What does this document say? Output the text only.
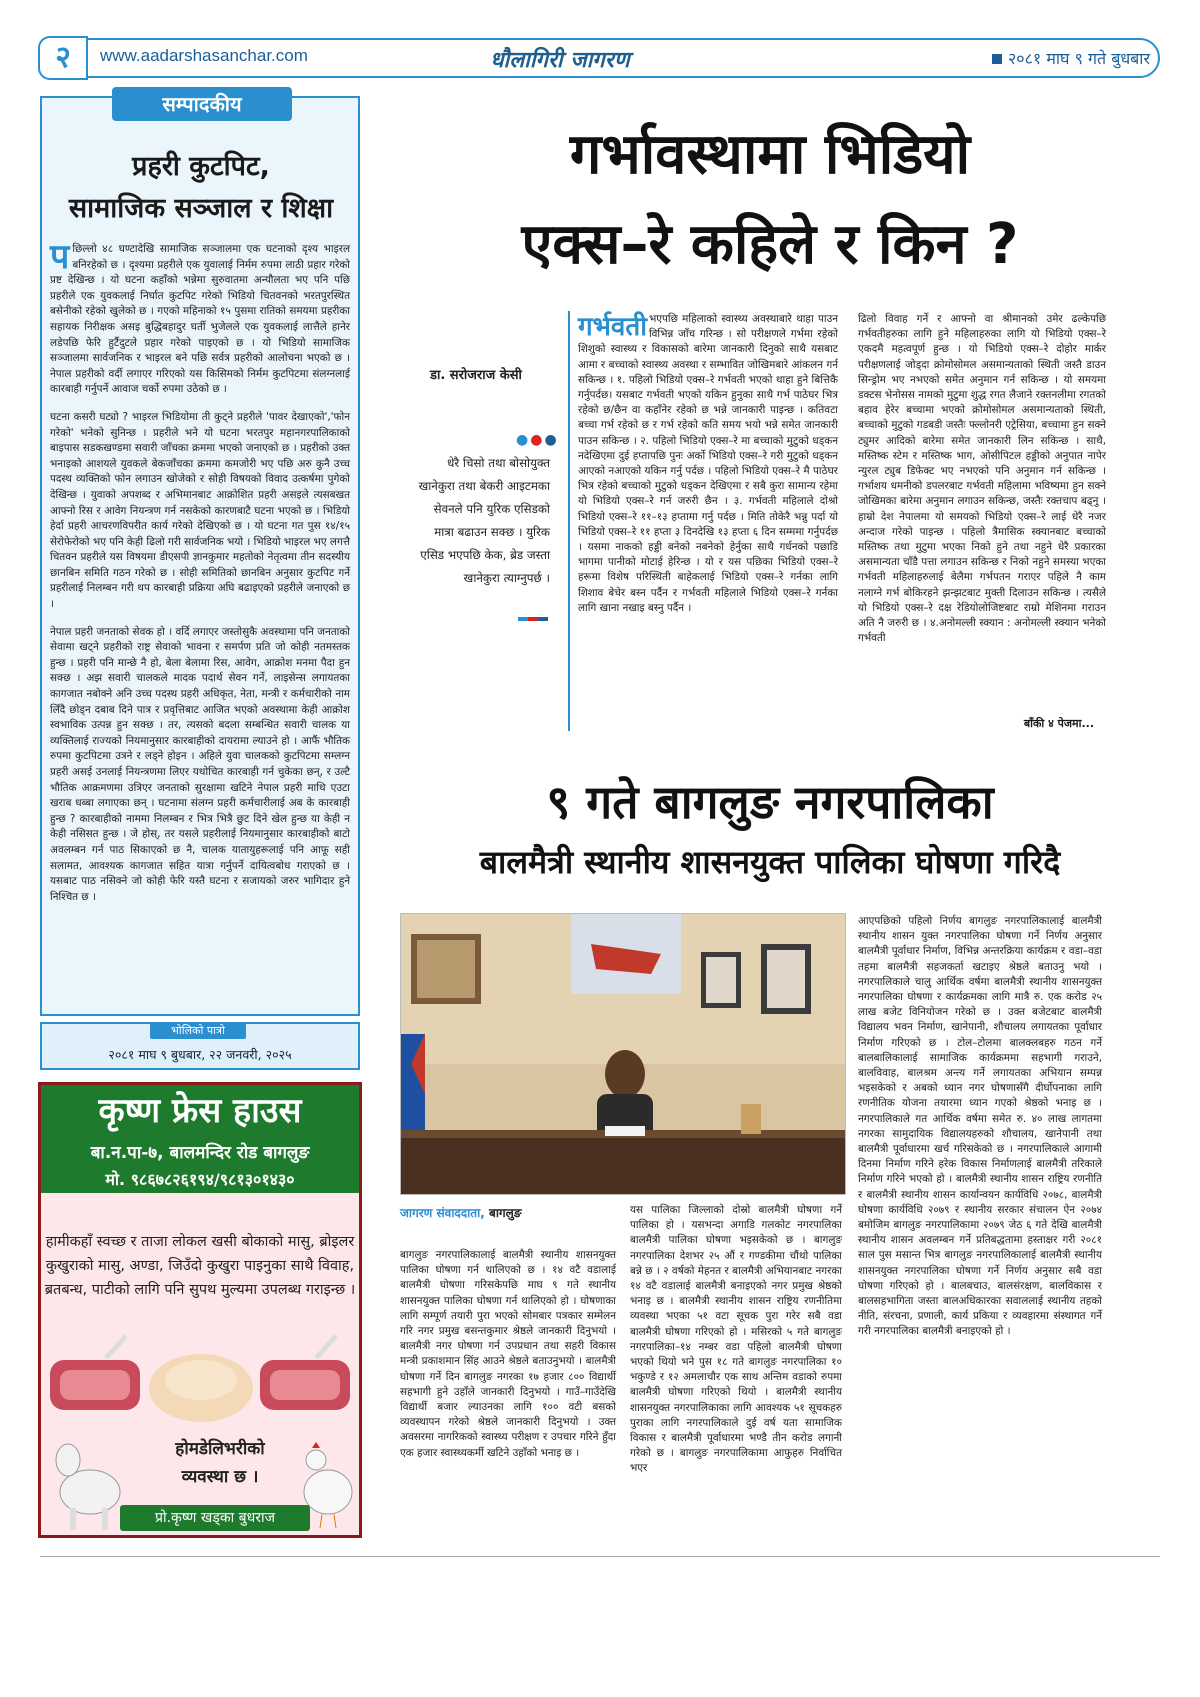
२	www.aadarshasanchar.com	धौलागिरी जागरण	२०८१ माघ ९ गते बुधबार
सम्पादकीय
प्रहरी कुटपिट,
सामाजिक सञ्जाल र शिक्षा

पछिल्लो ४८ घण्टादेखि सामाजिक सञ्जालमा एक घटनाको दृश्य भाइरल बनिरहेको छ । दृश्यमा प्रहरीले एक युवालाई निर्मम रुपमा लाठी प्रहार गरेको प्रष्ट देखिन्छ । यो घटना कहाँको भन्नेमा सुरुवातमा अन्यौलता भए पनि पछि प्रहरीले एक युवकलाई निर्घात कुटपिट गरेको भिडियो चितवनको भरतपुरस्थित बसेनीको रहेको खुलेको छ । गएको महिनाको १५ पुसमा रातिको समयमा प्रहरीका सहायक निरीक्षक असइ बुद्धिबहादुर घर्ती भुजेलले एक युवकलाई लात्तैले हानेर लडेपछि फेरि हुर्टैदुटले प्रहार गरेको पाइएको छ । यो भिडियो सामाजिक सञ्जालमा सार्वजनिक र भाइरल बने पछि सर्वत्र प्रहरीको आलोचना भएको छ । नेपाल प्रहरीको वर्दी लगाएर गरिएको यस किसिमको निर्मम कुटपिटमा संलग्नलाई कारबाही गर्नुपर्ने आवाज चर्को रुपमा उठेको छ ।

घटना कसरी घट्यो ? भाइरल भिडियोमा ती कुट्ने प्रहरीले 'पावर देखाएको','फोन गरेको' भनेको सुनिन्छ । प्रहरीले भने यो घटना भरतपुर महानगरपालिकाको बाइपास सडकखण्डमा सवारी जाँचका क्रममा भएको जनाएको छ । प्रहरीको उक्त भनाइको आशयले युवकले बेकजाँचका क्रममा कमजोरी भए पछि अरु कुनै उच्च पदस्थ व्यक्तिको फोन लगाउन खोजेको र सोही विषयको विवाद उत्कर्षमा पुगेको देखिन्छ । युवाको अपशब्द र अभिमानबाट आक्रोशित प्रहरी असइले त्यसबखत आफ्नो रिस र आवेग नियन्त्रण गर्न नसकेको कारणबाटै घटना भएको छ । भिडियो हेर्दा प्रहरी आचरणविपरीत कार्य गरेको देखिएको छ । यो घटना गत पुस १४/१५ सेरोफेरोको भए पनि केही ढिलो गरी सार्वजनिक भयो । भिडियो भाइरल भए लगत्तै चितवन प्रहरीले यस विषयमा डीएसपी ज्ञानकुमार महतोको नेतृत्वमा तीन सदस्यीय छानबिन समिति गठन गरेको छ । सोही समितिको छानबिन अनुसार कुटपिट गर्ने प्रहरीलाई निलम्बन गरी थप कारबाही प्रक्रिया अघि बढाइएको प्रहरीले जनाएको छ ।

नेपाल प्रहरी जनताको सेवक हो । वर्दि लगाएर जस्तोसुकै अवस्थामा पनि जनताको सेवामा खट्ने प्रहरीको राष्ट्र सेवाको भावना र समर्पण प्रति जो कोही नतमस्तक हुन्छ । प्रहरी पनि मान्छे नै हो, बेला बेलामा रिस, आवेग, आक्रोश मनमा पैदा हुन सक्छ । अझ सवारी चालकले मादक पदार्थ सेवन गर्ने, लाइसेन्स लगायतका कागजात नबोक्ने अनि उच्च पदस्थ प्रहरी अधिकृत, नेता, मन्त्री र कर्मचारीको नाम लिँदै छोड्न दबाब दिने पात्र र प्रवृत्तिबाट आजित भएको अवस्थामा केही आक्रोश स्वभाविक उत्पन्न हुन सक्छ । तर, त्यसको बदला सम्बन्धित सवारी चालक या व्यक्तिलाई राज्यको नियमानुसार कारबाहीको दायरामा ल्याउने हो । आफैं भौतिक रुपमा कुटपिटमा उत्रने र लड्ने होइन । अहिले युवा चालकको कुटपिटमा सम्लग्न प्रहरी असई उनलाई नियन्त्रणमा लिएर यथोचित कारबाही गर्न चुकेका छन्, र उल्टै भौतिक आक्रमणमा उत्रिएर जनताको सुरक्षामा खटिने नेपाल प्रहरी माथि एउटा खराब धब्बा लगाएका छन् । घटनामा संलग्न प्रहरी कर्मचारीलाई अब के कारबाही हुन्छ ? कारबाहीको नाममा निलम्बन र भित्र भित्रै छुट दिने खेल हुन्छ या केही न केही नसिसत हुन्छ । जे होस्, तर यसले प्रहरीलाई नियमानुसार कारबाहीको बाटो अवलम्बन गर्न पाठ सिकाएको छ नै, चालक यातायुहरूलाई पनि आफू सही सलामत, आवश्यक कागजात सहित यात्रा गर्नुपर्ने दायित्वबोध गराएको छ । यसबाट पाठ नसिक्ने जो कोही फेरि यस्तै घटना र सजायको जरुर भागिदार हुने निश्चित छ ।

भोलिको पात्रो
२०८१ माघ ९ बुधबार, २२ जनवरी, २०२५
कृष्ण फ्रेस हाउस
बा.न.पा-७, बालमन्दिर रोड बागलुङ
मो. ९८६७८२६१९४/९८१३०१४३०
हामीकहाँ स्वच्छ र ताजा लोकल खसी बोकाको मासु, ब्रोइलर कुखुराको मासु, अण्डा, जिउँदो कुखुरा पाइनुका साथै विवाह, ब्रतबन्ध, पाटीको लागि पनि सुपथ मुल्यमा उपलब्ध गराइन्छ ।
होमडेलिभरीको
व्यवस्था छ ।
प्रो.कृष्ण खड्का बुधराज
गर्भावस्थामा भिडियो
एक्स–रे कहिले र किन ?
डा. सरोजराज केसी
●●●
धेरै चिसो तथा बोसोयुक्त खानेकुरा तथा बेकरी आइटमका सेवनले पनि युरिक एसिडको मात्रा बढाउन सक्छ । युरिक एसिड भएपछि केक, ब्रेड जस्ता खानेकुरा त्याग्नुपर्छ ।
गर्भवती भएपछि महिलाको स्वास्थ्य अवस्थाबारे थाहा पाउन विभिन्न जाँच गरिन्छ । सो परीक्षणले गर्भमा रहेको शिशुको स्वास्थ्य र विकासको बारेमा जानकारी दिनुको साथै यसबाट आमा र बच्चाको स्वास्थ्य अवस्था र सम्भावित जोखिमबारे आंकलन गर्न सकिन्छ । १. पहिलो भिडियो एक्स–रे गर्भवती भएको थाहा हुने बित्तिकै गर्नुपर्दछ। यसबाट गर्भवती भएको यकिन हुनुका साथै गर्भ पाठेघर भित्र रहेको छ/छैन वा कहाँनेर रहेको छ भन्ने जानकारी पाइन्छ । कतिवटा बच्चा गर्भ रहेको छ र गर्भ रहेको कति समय भयो भन्ने समेत जानकारी पाउन सकिन्छ । २. पहिलो भिडियो एक्स–रे मा बच्चाको मुटुको धड्कन नदेखिएमा दुई हप्तापछि पुनः अर्को भिडियो एक्स–रे गरी मुटुको धड्कन आएको नआएको यकिन गर्नु पर्दछ । पहिलो भिडियो एक्स–रे मै पाठेघर भित्र रहेको बच्चाको मुटुको धड्कन देखिएमा र सबै कुरा सामान्य रहेमा यो भिडियो एक्स–रे गर्न जरुरी छैन । ३. गर्भवती महिलाले दोश्रो भिडियो एक्स–रे ११–१३ हप्तामा गर्नु पर्दछ । मिति तोकेरै भन्नु पर्दा यो भिडियो एक्स–रे ११ हप्ता ३ दिनदेखि १३ हप्ता ६ दिन सम्ममा गर्नुपर्दछ । यसमा नाकको हड्डी बनेको नबनेको हेर्नुका साथै गर्धनको पछाडि भागमा पानीको मोटाई हेरिन्छ । यो र यस पछिका भिडियो एक्स–रे हरूमा विशेष परिस्थिती बाहेकलाई भिडियो एक्स–रे गर्नका लागि शिशाव बेचेर बस्न पर्दैन र गर्भवती महिलाले भिडियो एक्स–रे गर्नका लागि खाना नखाइ बस्नु पर्दैन ।
ढिलो विवाह गर्ने र आफ्नो वा श्रीमानको उमेर ढल्केपछि गर्भवतीहरुका लागि हुने महिलाहरुका लागि यो भिडियो एक्स–रे एकदमै महत्वपूर्ण हुन्छ । यो भिडियो एक्स–रे दोहोर मार्कर परीक्षणलाई जोड्दा क्रोमोसोमल असमान्यताको स्थिती जस्तै डाउन सिन्ड्रोम भए नभएको समेत अनुमान गर्न सकिन्छ । यो समयमा डक्टस भेनोसस नामको मुटुमा शुद्ध रगत लैजाने रक्तनलीमा रगतको बहाव हेरेर बच्चामा भएको क्रोमोसोमल असमान्यताको स्थिती, बच्चाको मुटुको गडबडी जस्तैः फ्ल्लोनरी एट्रेसिया, बच्चामा हुन सक्ने ट्युमर आदिको बारेमा समेत जानकारी लिन सकिन्छ । साथै, मस्तिष्क स्टेम र मस्तिष्क भाग, ओसीपिटल हड्डीको अनुपात नापेर न्युरल ट्युब डिफेक्ट भए नभएको पनि अनुमान गर्न सकिन्छ । गर्भाशय धमनीको डपलरबाट गर्भवती महिलामा भविष्यमा हुन सक्ने जोखिमका बारेमा अनुमान लगाउन सकिन्छ, जस्तैः रक्तचाप बढ्नु । हाम्रो देश नेपालमा यो समयको भिडियो एक्स–रे लाई धेरै नजर अन्दाज गरेको पाइन्छ । पहिलो त्रैमासिक स्क्यानबाट बच्चाको मस्तिष्क तथा मुटुमा भएका निको हुने तथा नहुने धेरै प्रकारका असमान्यता चाँडै पत्ता लगाउन सकिन्छ र निको नहुने समस्या भएका गर्भवती महिलाहरुलाई बेलैमा गर्भपतन गराएर पहिले नै काम नलाग्ने गर्भ बोकिरहने झन्झटबाट मुक्ती दिलाउन सकिन्छ । त्यसैले यो भिडियो एक्स–रे दक्ष रेडियोलोजिष्टबाट राम्रो मेशिनमा गराउन अति नै जरुरी छ । ४.अनोमल्ली स्क्यान : अनोमल्ली स्क्यान भनेको गर्भवती
बाँकी ४ पेजमा...
९ गते बागलुङ नगरपालिका
बालमैत्री स्थानीय शासनयुक्त पालिका घोषणा गरिदै
जागरण संवाददाता, बागलुङ
बागलुङ नगरपालिकालाई बालमैत्री स्थानीय शासनयुक्त पालिका घोषणा गर्न थालिएको छ । १४ वटै वडालाई बालमैत्री घोषणा गरिसकेपछि माघ ९ गते स्थानीय शासनयुक्त पालिका घोषणा गर्न थालिएको हो । घोषणाका लागि सम्पूर्ण तयारी पुरा भएको सोमबार पत्रकार सम्मेलन गरि नगर प्रमुख बसन्तकुमार श्रेष्ठले जानकारी दिनुभयो । बालमैत्री नगर घोषणा गर्न उपप्रधान तथा सहरी विकास मन्त्री प्रकाशमान सिंह आउने श्रेष्ठले बताउनुभयो । बालमैत्री घोषणा गर्ने दिन बागलुङ नगरका १७ हजार ८०० विद्यार्थी सहभागी हुने उहाँले जानकारी दिनुभयो । गाउँ–गाउँदेखि विद्यार्थी बजार ल्याउनका लागि १०० वटी बसको व्यवस्थापन गरेको श्रेष्ठले जानकारी दिनुभयो । उक्त अवसरमा नागरिकको स्वास्थ्य परीक्षण र उपचार गरिने हुँदा एक हजार स्वास्थ्यकर्मी खटिने उहाँको भनाइ छ ।
यस पालिका जिल्लाको दोस्रो बालमैत्री घोषणा गर्ने पालिका हो । यसभन्दा अगाडि गलकोट नगरपालिका बालमैत्री पालिका घोषणा भइसकेको छ । बागलुङ नगरपालिका देशभर २५ औं र गण्डकीमा चौंथो पालिका बन्ने छ । २ वर्षको मेहनत र बालमैत्री अभियानबाट नगरका १४ वटै वडालाई बालमैत्री बनाइएको नगर प्रमुख श्रेष्ठको भनाइ छ । बालमैत्री स्थानीय शासन राष्ट्रिय रणनीतिमा व्यवस्था भएका ५१ वटा सूचक पुरा गरेर सबै वडा बालमैत्री घोषणा गरिएको हो । मसिरको ५ गते बागलुङ नगरपालिका–१४ नम्बर वडा पहिलो बालमैत्री घोषणा भएको थियो भने पुस १८ गते बागलुङ नगरपालिका १० भकुण्डे र १२ अमलाचौर एक साथ अन्तिम वडाको रुपमा बालमैत्री घोषणा गरिएको थियो । बालमैत्री स्थानीय शासनयुक्त नगरपालिकाका लागि आवश्यक ५१ सूचकहरु पुराका लागि नगरपालिकाले दुई वर्ष यता सामाजिक विकास र बालमैत्री पूर्वाधारमा भण्डै तीन करोड लगानी गरेको छ । बागलुङ नगरपालिकामा आफुहरु निर्वाचित भएर
आएपछिको पहिलो निर्णय बागलुङ नगरपालिकालाई बालमैत्री स्थानीय शासन युक्त नगरपालिका घोषणा गर्ने निर्णय अनुसार बालमैत्री पूर्वाधार निर्माण, विभिन्न अन्तरक्रिया कार्यक्रम र वडा–वडा तहमा बालमैत्री सहजकर्ता खटाइए श्रेष्ठले बताउनु भयो । नगरपालिकाले चालु आर्थिक वर्षमा बालमैत्री स्थानीय शासनयुक्त नगरपालिका घोषणा र कार्यक्रमका लागि मात्रै रु. एक करोड २५ लाख बजेट विनियोजन गरेको छ । उक्त बजेटबाट बालमैत्री विद्यालय भवन निर्माण, खानेपानी, शौचालय लगायतका पूर्वाधार निर्माण गरिएको छ । टोल–टोलमा बालक्लबहरु गठन गर्ने बालबालिकालाई सामाजिक कार्यक्रममा सहभागी गराउने, बालविवाह, बालश्रम अन्त्य गर्ने लगायतका अभियान सम्पन्न भइसकेको र अबको ध्यान नगर घोषणासँगै दीर्घोपनाका लागि रणनीतिक योजना तयारमा ध्यान गएको श्रेष्ठको भनाइ छ । नगरपालिकाले गत आर्थिक वर्षमा समेत रु. ४० लाख लागतमा नगरका सामुदायिक विद्यालयहरुको शौचालय, खानेपानी तथा बालमैत्री पूर्वाधारमा खर्च गरिसकेको छ । नगरपालिकाले आगामी दिनमा निर्माण गरिने हरेक विकास निर्माणलाई बालमैत्री तरिकाले निर्माण गरिने भएको हो । बालमैत्री स्थानीय शासन राष्ट्रिय रणनीति र बालमैत्री स्थानीय शासन कार्यान्वयन कार्यविधि २०७८, बालमैत्री घोषणा कार्यविधि २०७९ र स्थानीय सरकार संचालन ऐन २०७४ बमोजिम बागलुङ नगरपालिकामा २०७९ जेठ ६ गते देखि बालमैत्री स्थानीय शासन अवलम्बन गर्ने प्रतिबद्धतामा हस्ताक्षर गरी २०८१ साल पुस मसान्त भित्र बागलुङ नगरपालिकालाई बालमैत्री स्थानीय शासनयुक्त नगरपालिका घोषणा गर्ने निर्णय अनुसार सबै वडा घोषणा गरिएको हो । बालबचाउ, बालसंरक्षण, बालविकास र बालसहभागिता जस्ता बालअधिकारका सवाललाई स्थानीय तहको नीति, संरचना, प्रणाली, कार्य प्रकिया र व्यवहारमा संस्थागत गर्ने गरी नगरपालिका बालमैत्री बनाइएको हो ।
